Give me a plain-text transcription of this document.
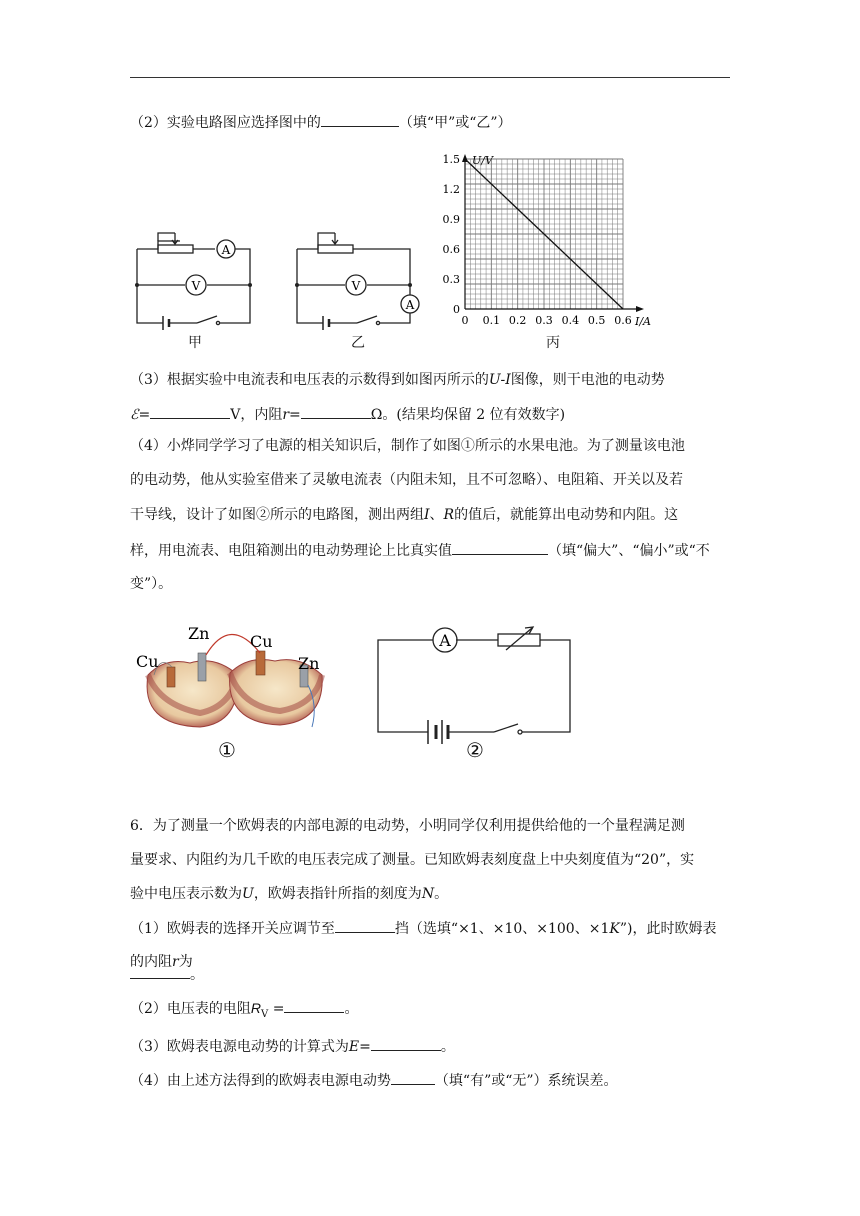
（2）实验电路图应选择图中的	（填“甲”或“乙”）
A
V
甲
V
A
乙
U/V
I/A
1.5
1.2
0.9
0.6
0.3
0
0 0.1 0.2 0.3 0.4 0.5 0.6
丙
（3）根据实验中电流表和电压表的示数得到如图丙所示的U-I图像，则干电池的电动势
ℰ=	V，内阻r=	Ω。(结果均保留 2 位有效数字)
（4）小烨同学学习了电源的相关知识后，制作了如图①所示的水果电池。为了测量该电池
的电动势，他从实验室借来了灵敏电流表（内阻未知，且不可忽略）、电阻箱、开关以及若
干导线，设计了如图②所示的电路图，测出两组I、R的值后，就能算出电动势和内阻。这
样，用电流表、电阻箱测出的电动势理论上比真实值	（填“偏大”、“偏小”或“不
变”）。
Cu
Zn	Cu
Zn
①
A
②
6．为了测量一个欧姆表的内部电源的电动势，小明同学仅利用提供给他的一个量程满足测
量要求、内阻约为几千欧的电压表完成了测量。已知欧姆表刻度盘上中央刻度值为“20”，实
验中电压表示数为U，欧姆表指针所指的刻度为N。
（1）欧姆表的选择开关应调节至	挡（选填“×1、×10、×100、×1K”)，此时欧姆表
的内阻r为
。
（2）电压表的电阻$R_V$ =	。
（3）欧姆表电源电动势的计算式为E=	。
（4）由上述方法得到的欧姆表电源电动势	（填“有”或“无”）系统误差。
